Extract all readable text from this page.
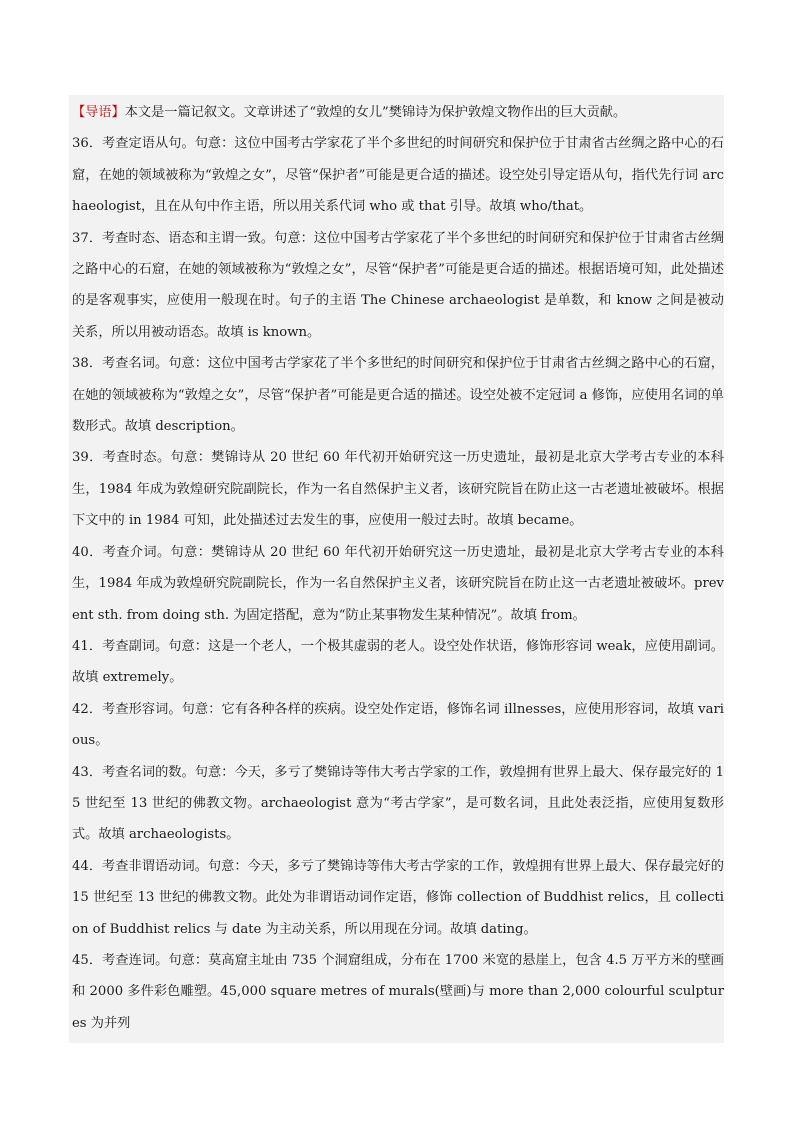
【导语】本文是一篇记叙文。文章讲述了“敦煌的女儿”樊锦诗为保护敦煌文物作出的巨大贡献。

36．考查定语从句。句意：这位中国考古学家花了半个多世纪的时间研究和保护位于甘肃省古丝绸之路中心的石窟，在她的领域被称为“敦煌之女”，尽管“保护者”可能是更合适的描述。设空处引导定语从句，指代先行词 archaeologist，且在从句中作主语，所以用关系代词 who 或 that 引导。故填 who/that。

37．考查时态、语态和主谓一致。句意：这位中国考古学家花了半个多世纪的时间研究和保护位于甘肃省古丝绸之路中心的石窟，在她的领域被称为“敦煌之女”，尽管“保护者”可能是更合适的描述。根据语境可知，此处描述的是客观事实，应使用一般现在时。句子的主语 The Chinese archaeologist 是单数，和 know 之间是被动关系，所以用被动语态。故填 is known。

38．考查名词。句意：这位中国考古学家花了半个多世纪的时间研究和保护位于甘肃省古丝绸之路中心的石窟，在她的领域被称为“敦煌之女”，尽管“保护者”可能是更合适的描述。设空处被不定冠词 a 修饰，应使用名词的单数形式。故填 description。

39．考查时态。句意：樊锦诗从 20 世纪 60 年代初开始研究这一历史遗址，最初是北京大学考古专业的本科生，1984 年成为敦煌研究院副院长，作为一名自然保护主义者，该研究院旨在防止这一古老遗址被破坏。根据下文中的 in 1984 可知，此处描述过去发生的事，应使用一般过去时。故填 became。

40．考查介词。句意：樊锦诗从 20 世纪 60 年代初开始研究这一历史遗址，最初是北京大学考古专业的本科生，1984 年成为敦煌研究院副院长，作为一名自然保护主义者，该研究院旨在防止这一古老遗址被破坏。prevent sth. from doing sth. 为固定搭配，意为“防止某事物发生某种情况”。故填 from。

41．考查副词。句意：这是一个老人，一个极其虚弱的老人。设空处作状语，修饰形容词 weak，应使用副词。故填 extremely。

42．考查形容词。句意：它有各种各样的疾病。设空处作定语，修饰名词 illnesses，应使用形容词，故填 various。

43．考查名词的数。句意：今天，多亏了樊锦诗等伟大考古学家的工作，敦煌拥有世界上最大、保存最完好的 15 世纪至 13 世纪的佛教文物。archaeologist 意为“考古学家”，是可数名词，且此处表泛指，应使用复数形式。故填 archaeologists。

44．考查非谓语动词。句意：今天，多亏了樊锦诗等伟大考古学家的工作，敦煌拥有世界上最大、保存最完好的 15 世纪至 13 世纪的佛教文物。此处为非谓语动词作定语，修饰 collection of Buddhist relics，且 collection of Buddhist relics 与 date 为主动关系，所以用现在分词。故填 dating。

45．考查连词。句意：莫高窟主址由 735 个洞窟组成，分布在 1700 米宽的悬崖上，包含 4.5 万平方米的壁画和 2000 多件彩色雕塑。45,000 square metres of murals(壁画)与 more than 2,000 colourful sculptures 为并列
